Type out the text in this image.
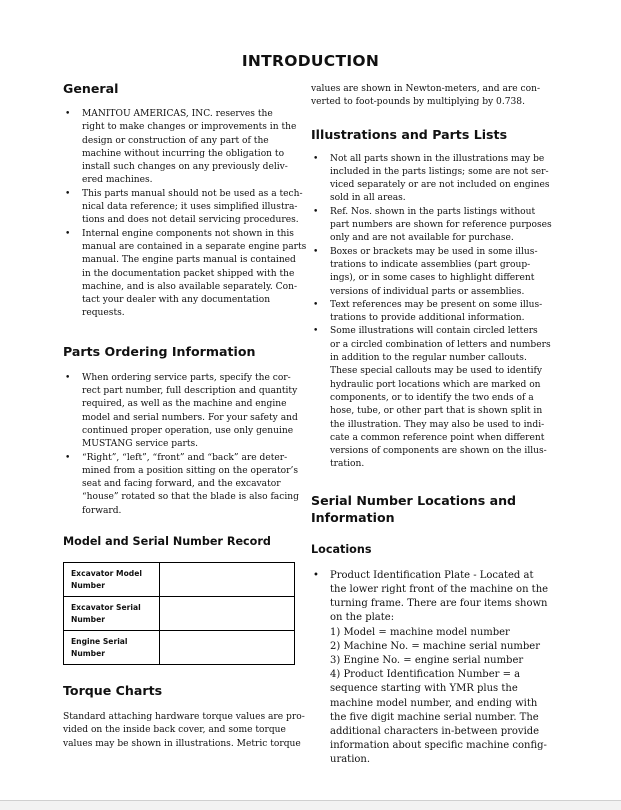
INTRODUCTION
General
• MANITOU AMERICAS, INC. reserves the
right to make changes or improvements in the
design or construction of any part of the
machine without incurring the obligation to
install such changes on any previously deliv-
ered machines.
• This parts manual should not be used as a tech-
nical data reference; it uses simplified illustra-
tions and does not detail servicing procedures.
• Internal engine components not shown in this
manual are contained in a separate engine parts
manual. The engine parts manual is contained
in the documentation packet shipped with the
machine, and is also available separately. Con-
tact your dealer with any documentation
requests.
Parts Ordering Information
• When ordering service parts, specify the cor-
rect part number, full description and quantity
required, as well as the machine and engine
model and serial numbers. For your safety and
continued proper operation, use only genuine
MUSTANG service parts.
• “Right”, “left”, “front” and “back” are deter-
mined from a position sitting on the operator’s
seat and facing forward, and the excavator
“house” rotated so that the blade is also facing
forward.
Model and Serial Number Record
Excavator Model
Number	

Excavator Serial
Number	

Engine Serial
Number	

Torque Charts

Standard attaching hardware torque values are pro-
vided on the inside back cover, and some torque
values may be shown in illustrations. Metric torque

values are shown in Newton-meters, and are con-
verted to foot-pounds by multiplying by 0.738.

Illustrations and Parts Lists
• Not all parts shown in the illustrations may be
included in the parts listings; some are not ser-
viced separately or are not included on engines
sold in all areas.
• Ref. Nos. shown in the parts listings without
part numbers are shown for reference purposes
only and are not available for purchase.
• Boxes or brackets may be used in some illus-
trations to indicate assemblies (part group-
ings), or in some cases to highlight different
versions of individual parts or assemblies.
• Text references may be present on some illus-
trations to provide additional information.
• Some illustrations will contain circled letters
or a circled combination of letters and numbers
in addition to the regular number callouts.
These special callouts may be used to identify
hydraulic port locations which are marked on
components, or to identify the two ends of a
hose, tube, or other part that is shown split in
the illustration. They may also be used to indi-
cate a common reference point when different
versions of components are shown on the illus-
tration.
Serial Number Locations and
Information
Locations
• Product Identification Plate - Located at
the lower right front of the machine on the
turning frame. There are four items shown
on the plate:
1) Model = machine model number
2) Machine No. = machine serial number
3) Engine No. = engine serial number
4) Product Identification Number = a
sequence starting with YMR plus the
machine model number, and ending with
the five digit machine serial number. The
additional characters in-between provide
information about specific machine config-
uration.
